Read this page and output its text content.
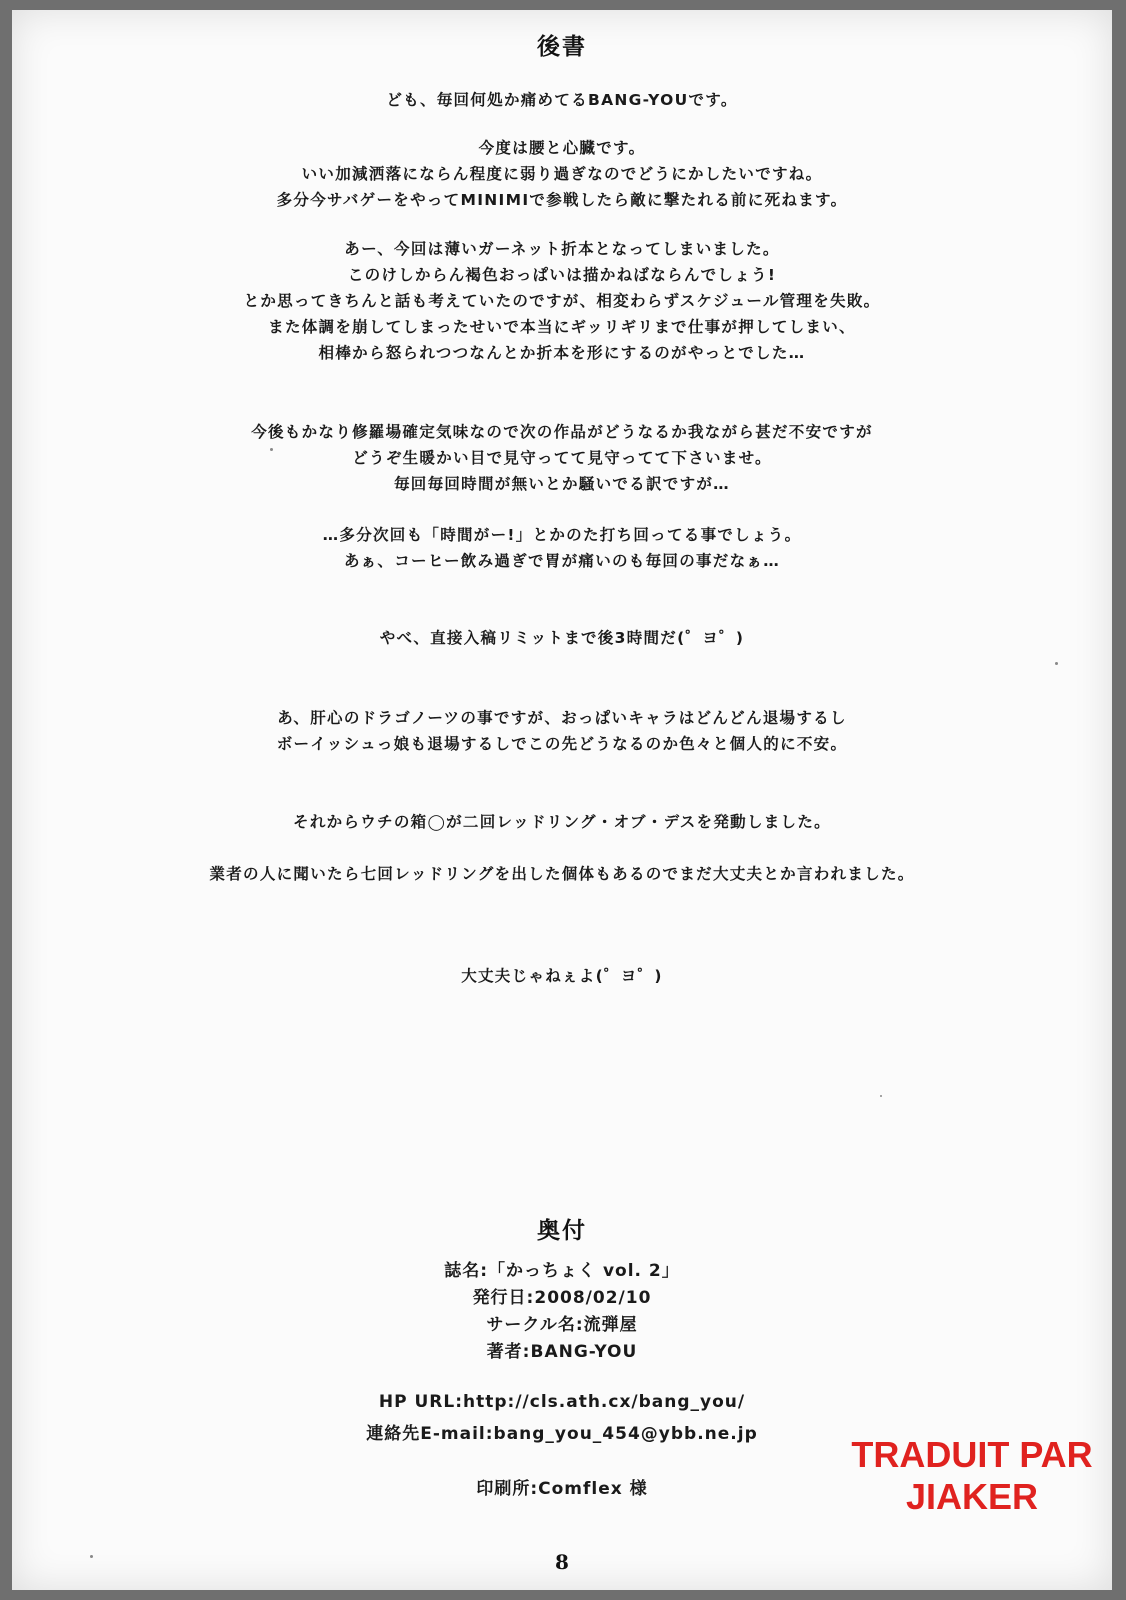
後書
ども、毎回何処か痛めてるBANG-YOUです。
今度は腰と心臓です。
いい加減洒落にならん程度に弱り過ぎなのでどうにかしたいですね。
多分今サバゲーをやってMINIMIで参戦したら敵に撃たれる前に死ねます。
あー、今回は薄いガーネット折本となってしまいました。
このけしからん褐色おっぱいは描かねばならんでしょう!
とか思ってきちんと話も考えていたのですが、相変わらずスケジュール管理を失敗。
また体調を崩してしまったせいで本当にギッリギリまで仕事が押してしまい、
相棒から怒られつつなんとか折本を形にするのがやっとでした…
今後もかなり修羅場確定気味なので次の作品がどうなるか我ながら甚だ不安ですが
どうぞ生暖かい目で見守ってて見守ってて下さいませ。
毎回毎回時間が無いとか騒いでる訳ですが…
…多分次回も「時間がー!」とかのた打ち回ってる事でしょう。
あぁ、コーヒー飲み過ぎで胃が痛いのも毎回の事だなぁ…
やべ、直接入稿リミットまで後3時間だ(゜ヨ゜)
あ、肝心のドラゴノーツの事ですが、おっぱいキャラはどんどん退場するし
ボーイッシュっ娘も退場するしでこの先どうなるのか色々と個人的に不安。
それからウチの箱◯が二回レッドリング・オブ・デスを発動しました。
業者の人に聞いたら七回レッドリングを出した個体もあるのでまだ大丈夫とか言われました。
大丈夫じゃねぇよ(゜ヨ゜)
奥付
誌名:「かっちょく vol. 2」
発行日:2008/02/10
サークル名:流弾屋
著者:BANG-YOU
HP URL:http://cls.ath.cx/bang_you/
連絡先E-mail:bang_you_454@ybb.ne.jp
印刷所:Comflex 様
8
TRADUIT PAR
JIAKER
